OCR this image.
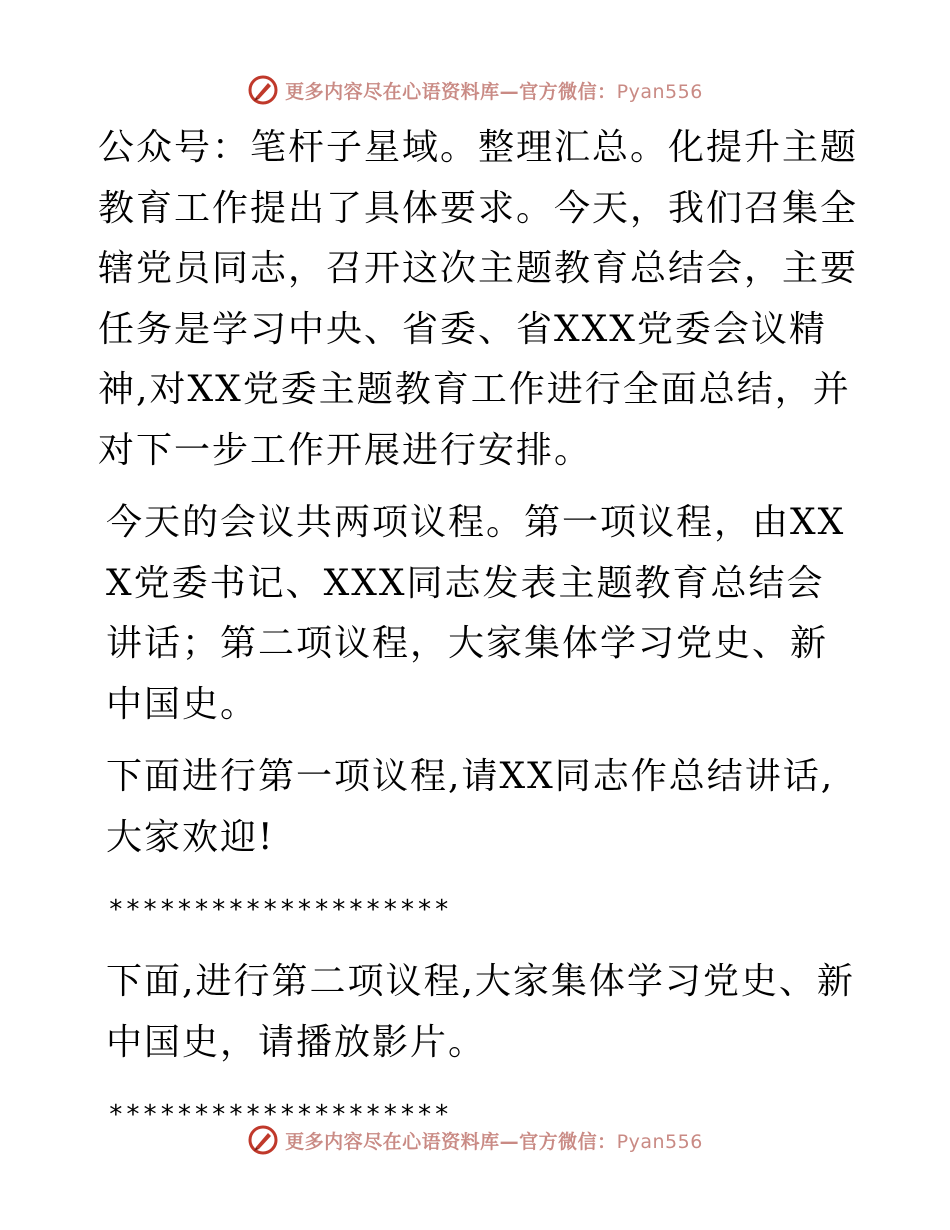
更多内容尽在心语资料库—官方微信：Pyan556

公众号：笔杆子星域。整理汇总。化提升主题教育工作提出了具体要求。今天，我们召集全辖党员同志，召开这次主题教育总结会，主要任务是学习中央、省委、省XXX党委会议精神,对XX党委主题教育工作进行全面总结，并对下一步工作开展进行安排。

今天的会议共两项议程。第一项议程，由XXX党委书记、XXX同志发表主题教育总结会讲话；第二项议程，大家集体学习党史、新中国史。

下面进行第一项议程,请XX同志作总结讲话,大家欢迎!

********************

下面,进行第二项议程,大家集体学习党史、新中国史，请播放影片。

********************

更多内容尽在心语资料库—官方微信：Pyan556
